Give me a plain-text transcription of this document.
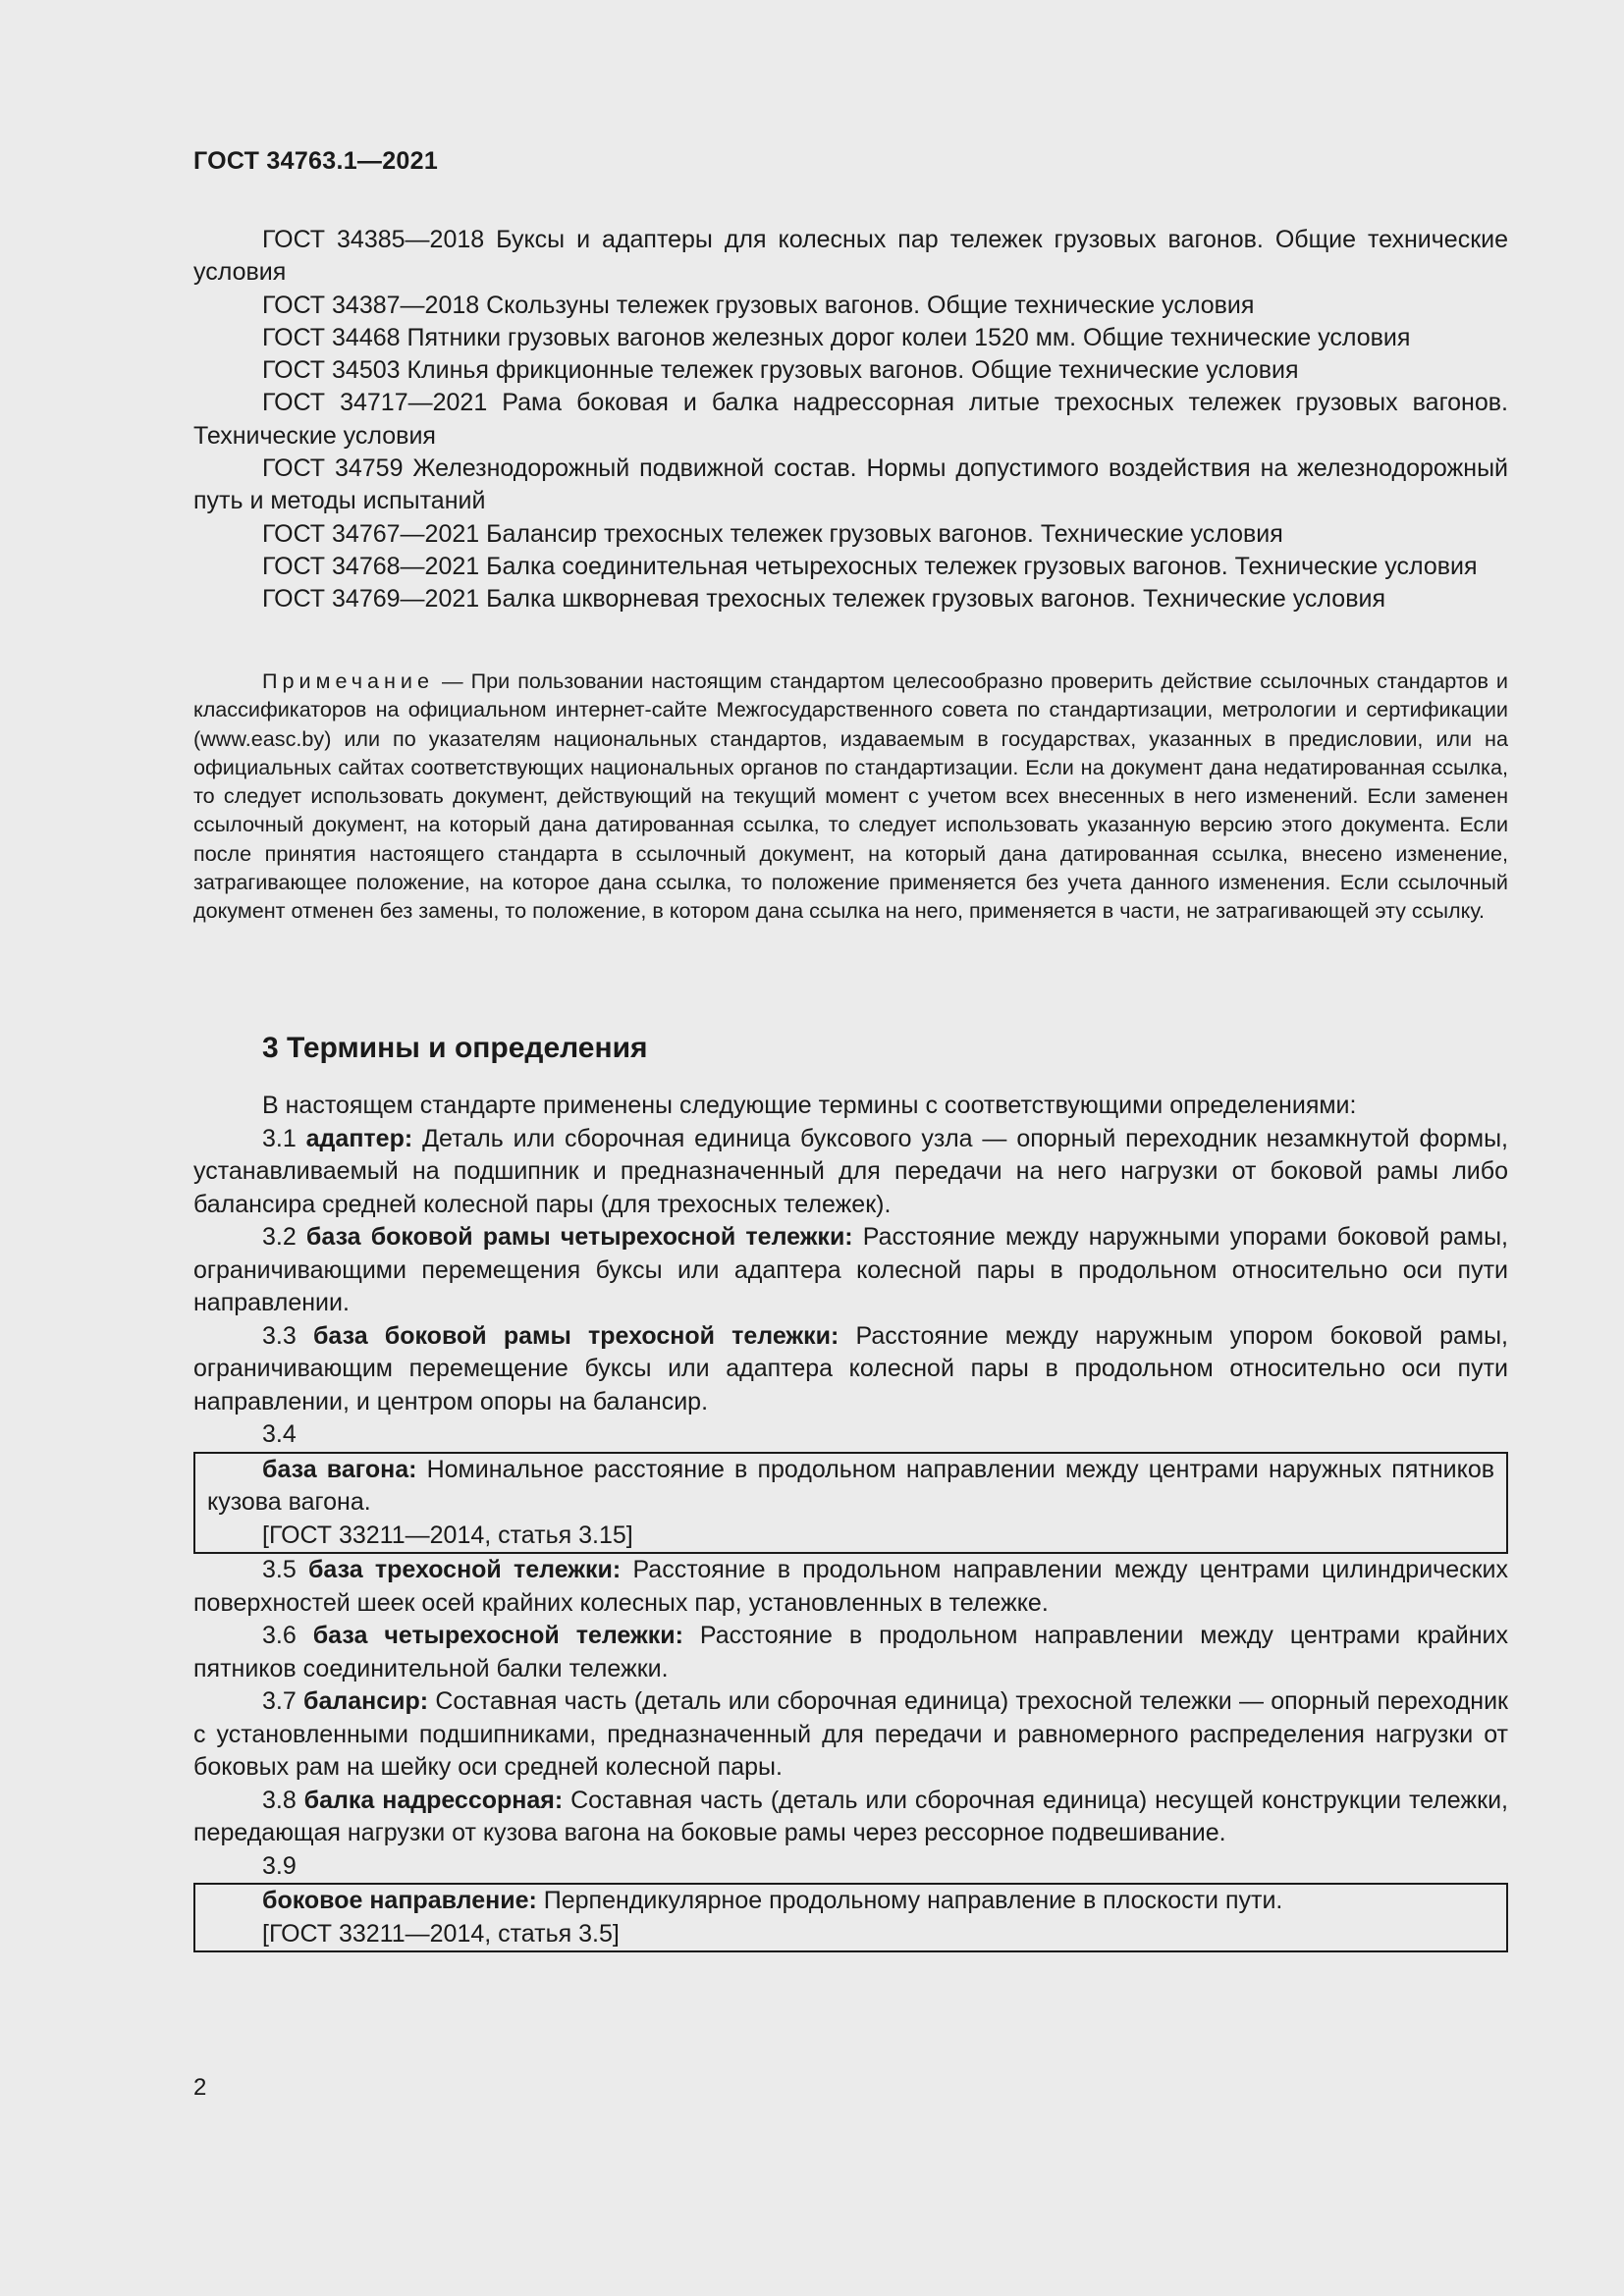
ГОСТ 34763.1—2021

ГОСТ 34385—2018 Буксы и адаптеры для колесных пар тележек грузовых вагонов. Общие технические условия

ГОСТ 34387—2018 Скользуны тележек грузовых вагонов. Общие технические условия

ГОСТ 34468 Пятники грузовых вагонов железных дорог колеи 1520 мм. Общие технические условия

ГОСТ 34503 Клинья фрикционные тележек грузовых вагонов. Общие технические условия

ГОСТ 34717—2021 Рама боковая и балка надрессорная литые трехосных тележек грузовых вагонов. Технические условия

ГОСТ 34759 Железнодорожный подвижной состав. Нормы допустимого воздействия на железнодорожный путь и методы испытаний

ГОСТ 34767—2021 Балансир трехосных тележек грузовых вагонов. Технические условия

ГОСТ 34768—2021 Балка соединительная четырехосных тележек грузовых вагонов. Технические условия

ГОСТ 34769—2021 Балка шкворневая трехосных тележек грузовых вагонов. Технические условия

Примечание — При пользовании настоящим стандартом целесообразно проверить действие ссылочных стандартов и классификаторов на официальном интернет-сайте Межгосударственного совета по стандартизации, метрологии и сертификации (www.easc.by) или по указателям национальных стандартов, издаваемым в государствах, указанных в предисловии, или на официальных сайтах соответствующих национальных органов по стандартизации. Если на документ дана недатированная ссылка, то следует использовать документ, действующий на текущий момент с учетом всех внесенных в него изменений. Если заменен ссылочный документ, на который дана датированная ссылка, то следует использовать указанную версию этого документа. Если после принятия настоящего стандарта в ссылочный документ, на который дана датированная ссылка, внесено изменение, затрагивающее положение, на которое дана ссылка, то положение применяется без учета данного изменения. Если ссылочный документ отменен без замены, то положение, в котором дана ссылка на него, применяется в части, не затрагивающей эту ссылку.

3 Термины и определения

В настоящем стандарте применены следующие термины с соответствующими определениями:

3.1 адаптер: Деталь или сборочная единица буксового узла — опорный переходник незамкнутой формы, устанавливаемый на подшипник и предназначенный для передачи на него нагрузки от боковой рамы либо балансира средней колесной пары (для трехосных тележек).

3.2 база боковой рамы четырехосной тележки: Расстояние между наружными упорами боковой рамы, ограничивающими перемещения буксы или адаптера колесной пары в продольном относительно оси пути направлении.

3.3 база боковой рамы трехосной тележки: Расстояние между наружным упором боковой рамы, ограничивающим перемещение буксы или адаптера колесной пары в продольном относительно оси пути направлении, и центром опоры на балансир.

3.4

база вагона: Номинальное расстояние в продольном направлении между центрами наружных пятников кузова вагона.

[ГОСТ 33211—2014, статья 3.15]

3.5 база трехосной тележки: Расстояние в продольном направлении между центрами цилиндрических поверхностей шеек осей крайних колесных пар, установленных в тележке.

3.6 база четырехосной тележки: Расстояние в продольном направлении между центрами крайних пятников соединительной балки тележки.

3.7 балансир: Составная часть (деталь или сборочная единица) трехосной тележки — опорный переходник с установленными подшипниками, предназначенный для передачи и равномерного распределения нагрузки от боковых рам на шейку оси средней колесной пары.

3.8 балка надрессорная: Составная часть (деталь или сборочная единица) несущей конструкции тележки, передающая нагрузки от кузова вагона на боковые рамы через рессорное подвешивание.

3.9

боковое направление: Перпендикулярное продольному направление в плоскости пути.

[ГОСТ 33211—2014, статья 3.5]
2
